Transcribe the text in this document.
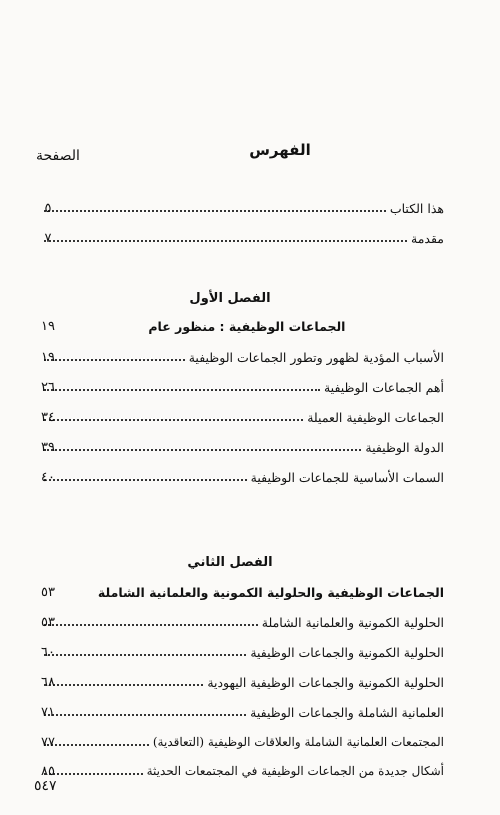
الفهرس
الصفحة
هذا الكتاب
٥
مقدمة
٧
الفصل الأول
الجماعات الوظيفية : منظور عام
١٩
الأسباب المؤدية لظهور وتطور الجماعات الوظيفية
١٩
أهم الجماعات الوظيفية
٢٦
الجماعات الوظيفية العميلة
٣٤
الدولة الوظيفية
٣٩
السمات الأساسية للجماعات الوظيفية
٤٠
الفصل الثاني
الجماعات الوظيفية والحلولية الكمونية والعلمانية الشاملة
٥٣
الحلولية الكمونية والعلمانية الشاملة
٥٣
الحلولية الكمونية والجماعات الوظيفية
٦٠
الحلولية الكمونية والجماعات الوظيفية اليهودية
٦٨
العلمانية الشاملة والجماعات الوظيفية
٧١
المجتمعات العلمانية الشاملة والعلاقات الوظيفية (التعاقدية)
٧٧
أشكال جديدة من الجماعات الوظيفية في المجتمعات الحديثة
٨٥
٥٤٧
